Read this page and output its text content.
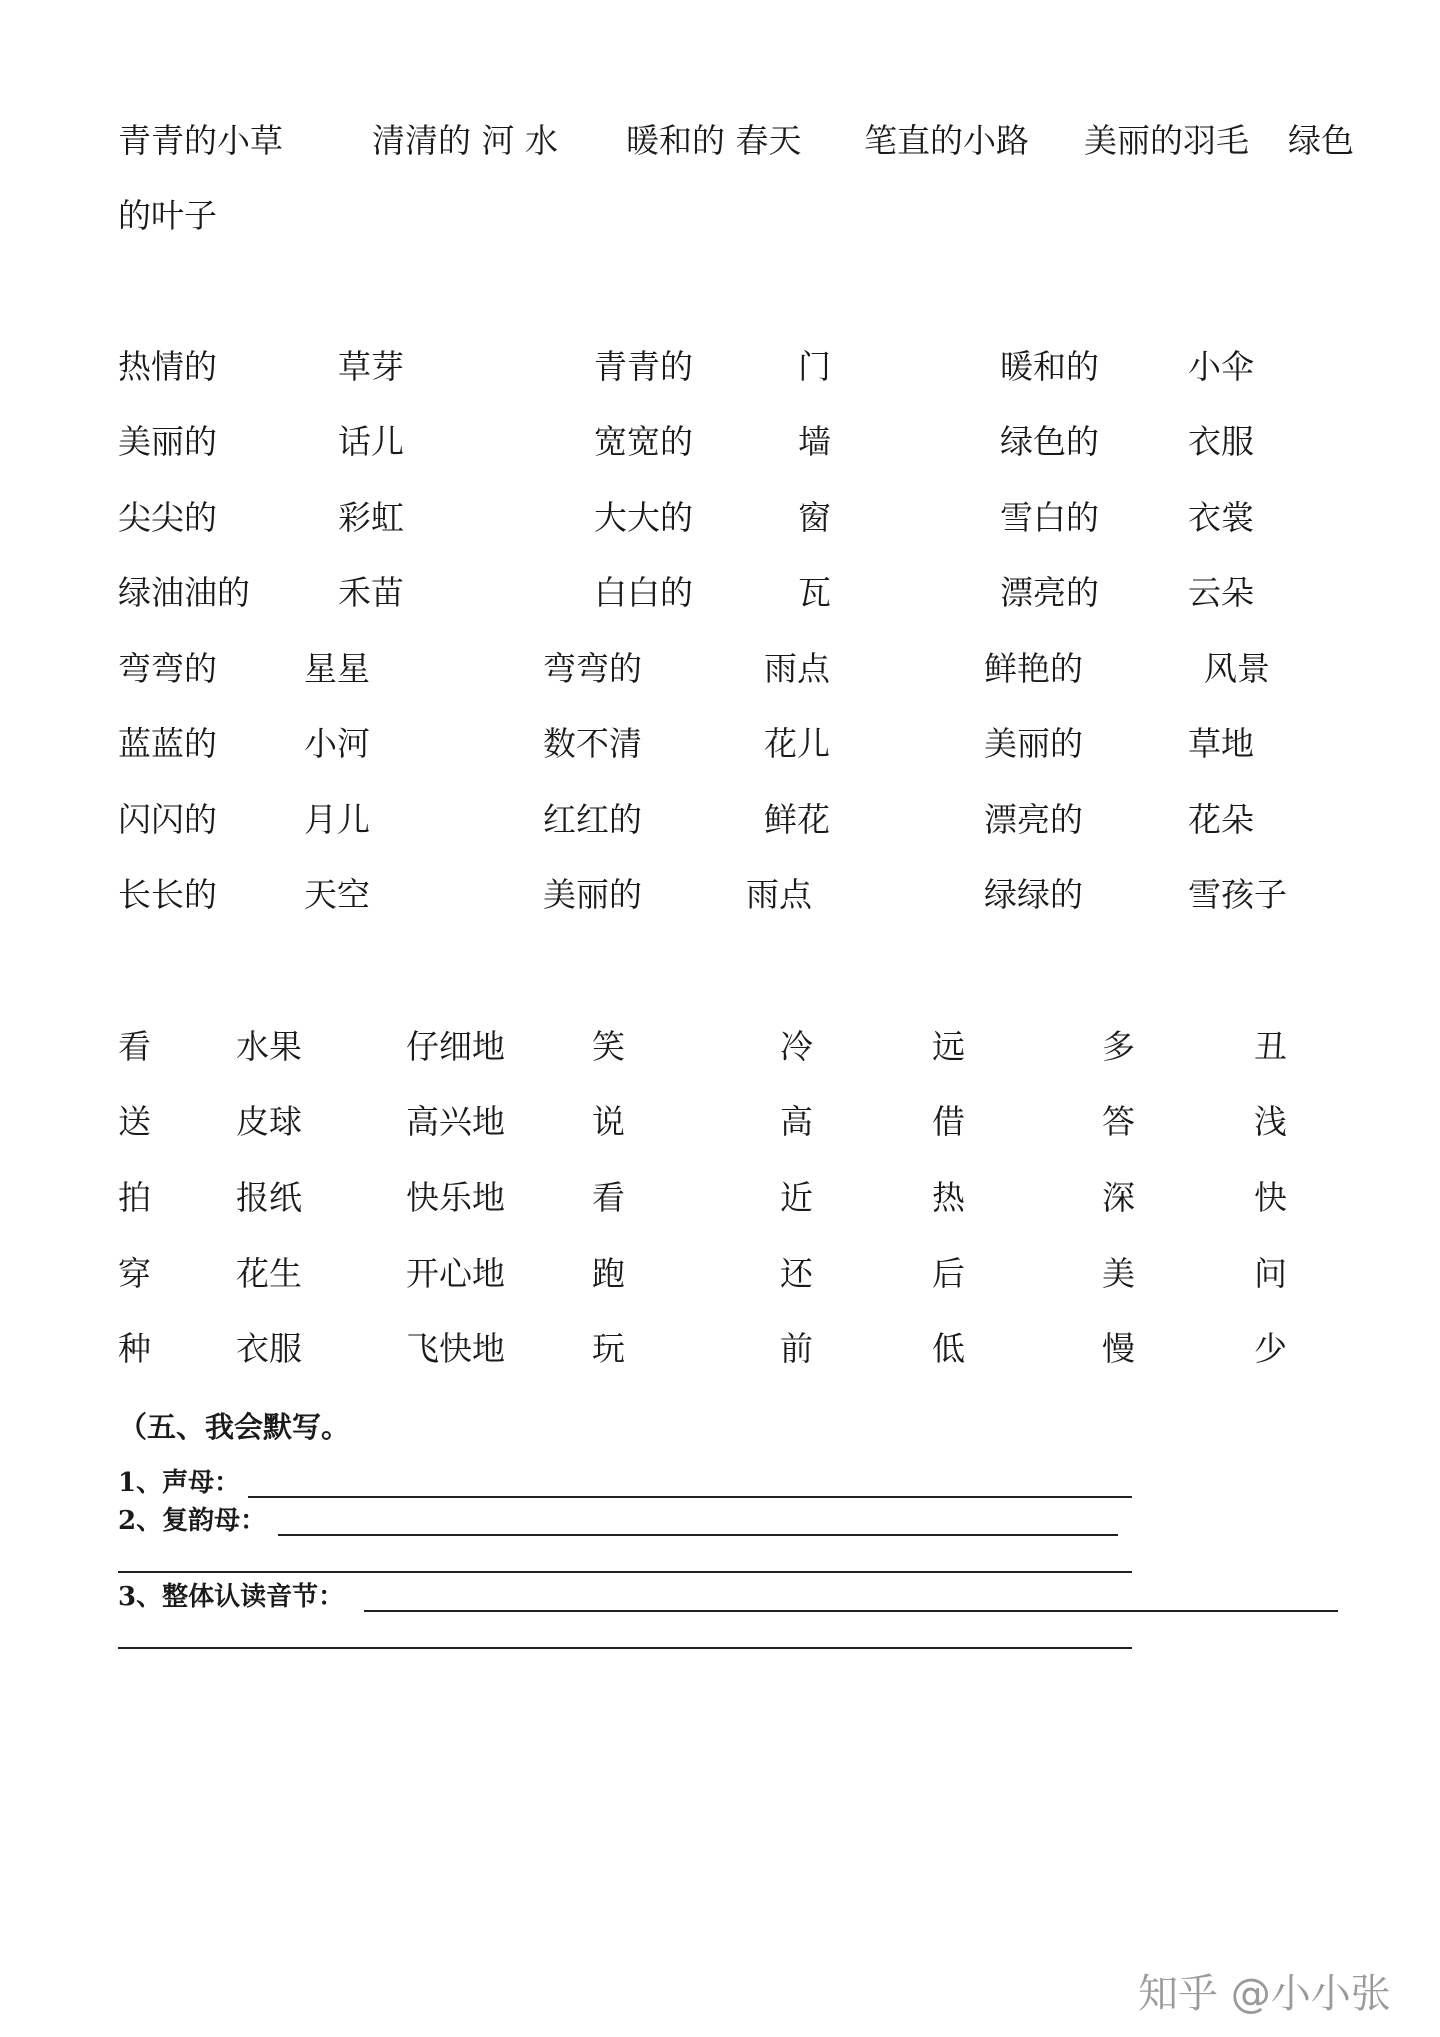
青青的小草	清清的 河 水 暖和的 春天 笔直的小路 美丽的羽毛 绿色
的叶子
热情的	草芽	青青的	门	暖和的	小伞
美丽的	话儿	宽宽的	墙	绿色的	衣服
尖尖的	彩虹	大大的	窗	雪白的	衣裳
绿油油的	禾苗	白白的	瓦	漂亮的	云朵
弯弯的	星星	弯弯的	雨点	鲜艳的	风景
蓝蓝的	小河	数不清	花儿	美丽的	草地
闪闪的	月儿	红红的	鲜花	漂亮的	花朵
长长的	天空	美丽的	雨点	绿绿的	雪孩子
看	水果	仔细地	笑	冷	远	多	丑
送	皮球	高兴地	说	高	借	答	浅
拍	报纸	快乐地	看	近	热	深	快
穿	花生	开心地	跑	还	后	美	问
种	衣服	飞快地	玩	前	低	慢	少
（五、我会默写。
1、声母：
2、复韵母：
3、整体认读音节：
知乎 @小小张
